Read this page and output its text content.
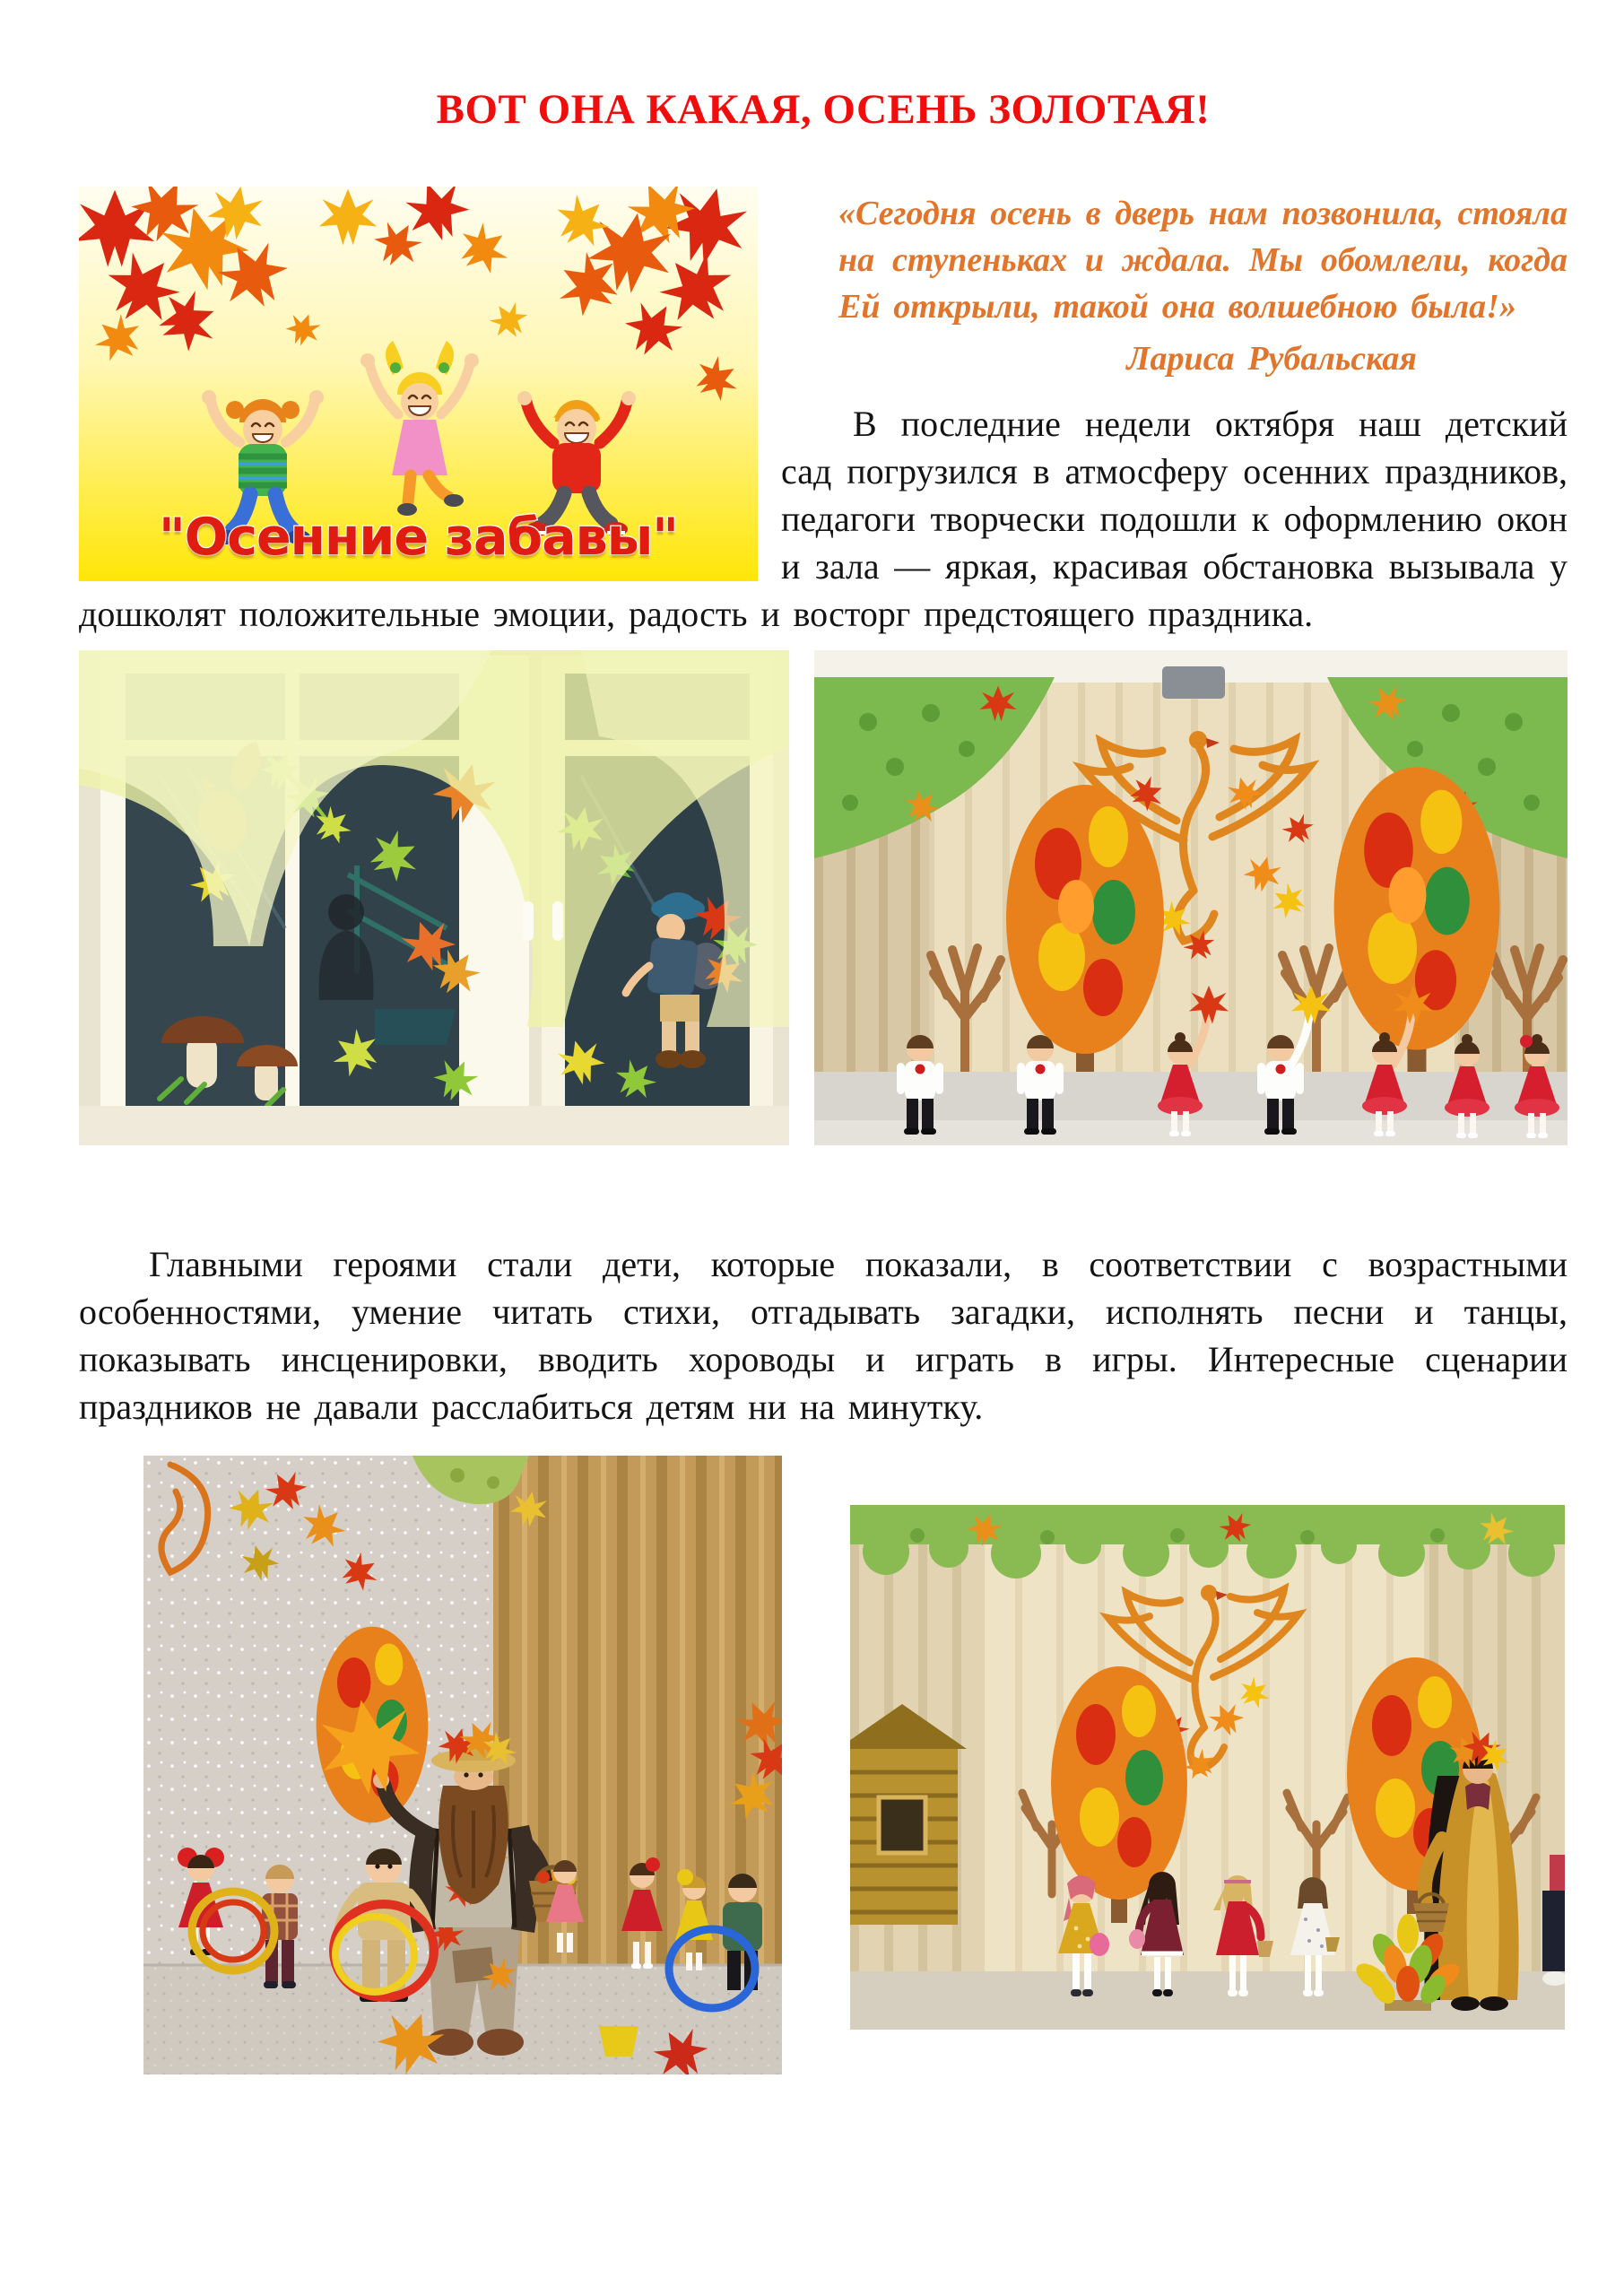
ВОТ ОНА КАКАЯ, ОСЕНЬ ЗОЛОТАЯ!
"Осенние забавы"
«Сегодня осень в дверь нам позвонила, стояла на ступеньках и ждала. Мы обомлели, когда Ей открыли, такой она волшебною была!»
Лариса Рубальская

В последние недели октября наш детский сад погрузился в атмосферу осенних праздников, педагоги творчески подошли к оформлению окон и зала — яркая, красивая обстановка вызывала у дошколят положительные эмоции, радость и восторг предстоящего праздника.

Главными героями стали дети, которые показали, в соответствии с возрастными особенностями, умение читать стихи, отгадывать загадки, исполнять песни и танцы, показывать инсценировки, вводить хороводы и играть в игры. Интересные сценарии праздников не давали расслабиться детям ни на минутку.
